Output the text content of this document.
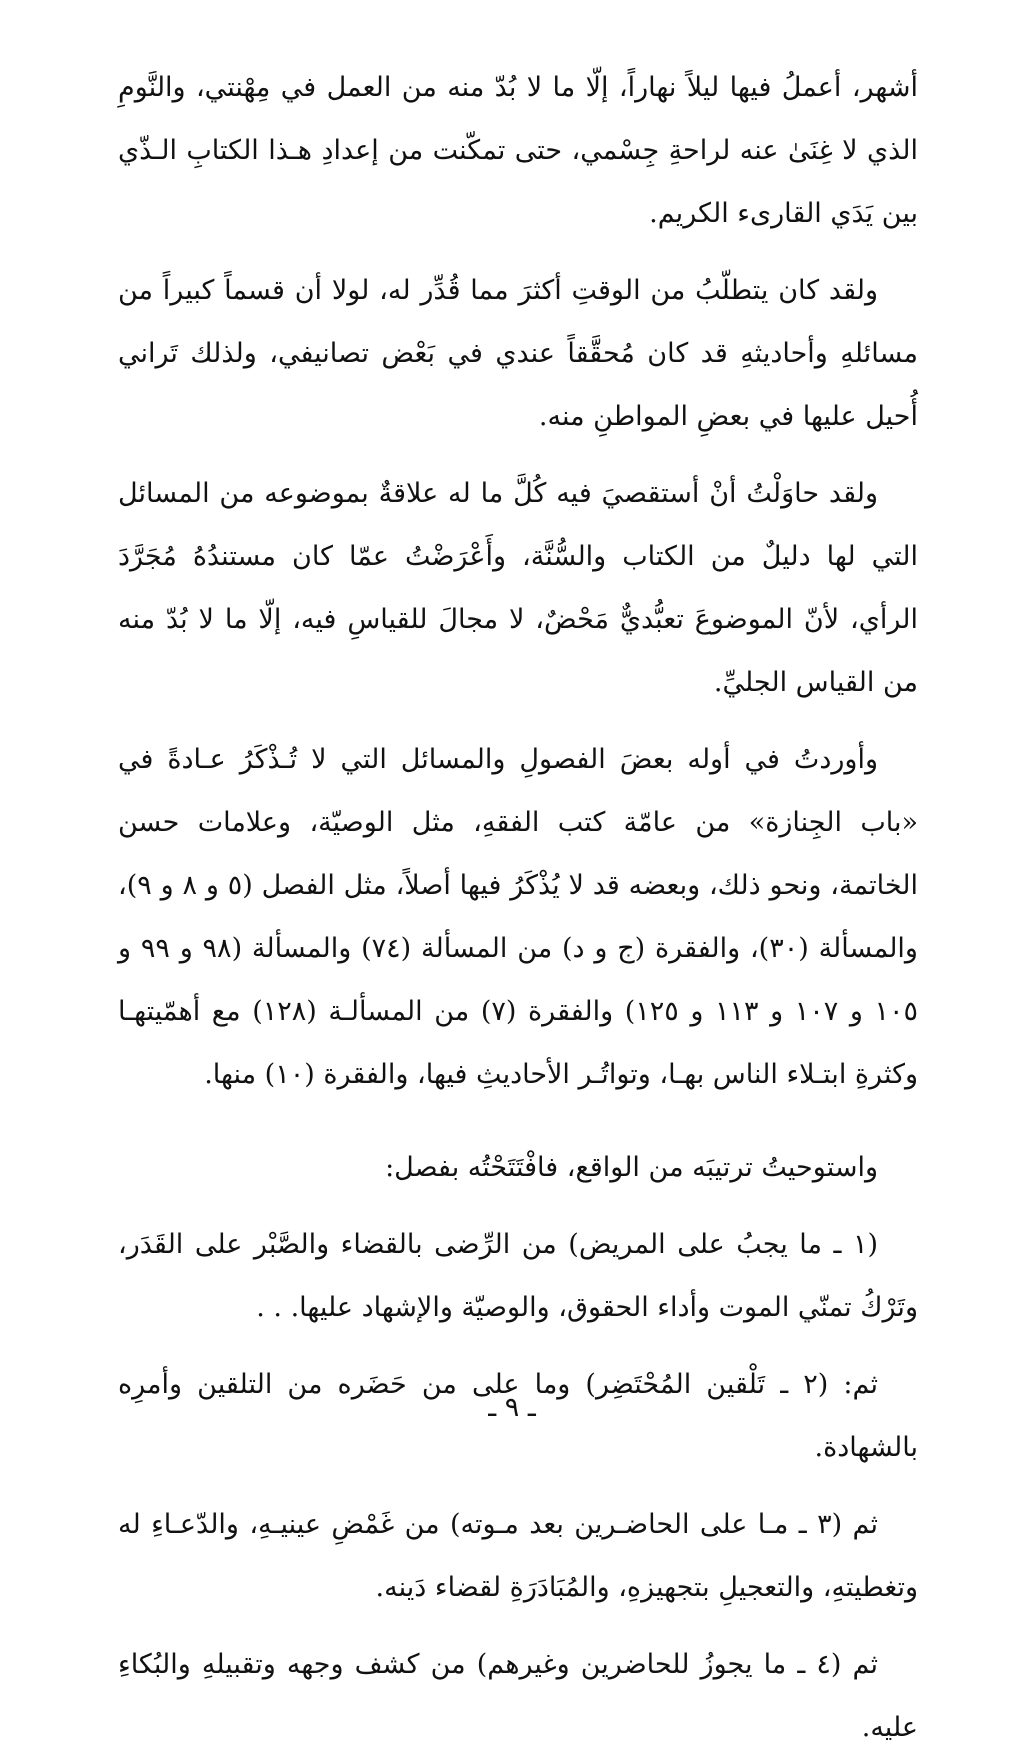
أشهر، أعملُ فيها ليلاً نهاراً، إلّا ما لا بُدّ منه من العمل في مِهْنتي، والنَّومِ الذي لا غِنَىٰ عنه لراحةِ جِسْمي، حتى تمكّنت من إعدادِ هـذا الكتابِ الـذّي بين يَدَي القارىء الكريم.

ولقد كان يتطلّبُ من الوقتِ أكثرَ مما قُدِّر له، لولا أن قسماً كبيراً من مسائلهِ وأحاديثهِ قد كان مُحقَّقاً عندي في بَعْض تصانيفي، ولذلك تَراني أُحيل عليها في بعضِ المواطنِ منه.

ولقد حاوَلْتُ أنْ أستقصيَ فيه كُلَّ ما له علاقةٌ بموضوعه من المسائل التي لها دليلٌ من الكتاب والسُّنَّة، وأَعْرَضْتُ عمّا كان مستندُهُ مُجَرَّدَ الرأي، لأنّ الموضوعَ تعبُّديٌّ مَحْضٌ، لا مجالَ للقياسِ فيه، إلّا ما لا بُدّ منه من القياس الجليِّ.

وأوردتُ في أوله بعضَ الفصولِ والمسائل التي لا تُـذْكَرُ عـادةً في «باب الجِنازة» من عامّة كتب الفقهِ، مثل الوصيّة، وعلامات حسن الخاتمة، ونحو ذلك، وبعضه قد لا يُذْكَرُ فيها أصلاً، مثل الفصل (٥ و ٨ و ٩)، والمسألة (٣٠)، والفقرة (ج و د) من المسألة (٧٤) والمسألة (٩٨ و ٩٩ و ١٠٥ و ١٠٧ و ١١٣ و ١٢٥) والفقرة (٧) من المسألـة (١٢٨) مع أهمّيتهـا وكثرةِ ابتـلاء الناس بهـا، وتواتُـر الأحاديثِ فيها، والفقرة (١٠) منها.

واستوحيتُ ترتيبَه من الواقع، فافْتَتَحْتُه بفصل:

(١ ـ ما يجبُ على المريض) من الرِّضى بالقضاء والصَّبْر على القَدَر، وتَرْكُ تمنّي الموت وأداء الحقوق، والوصيّة والإشهاد عليها. . .

ثم: (٢ ـ تَلْقين المُحْتَضِر) وما على من حَضَره من التلقين وأمرِه بالشهادة.

ثم (٣ ـ مـا على الحاضـرين بعد مـوته) من غَمْضِ عينيـهِ، والدّعـاءِ له وتغطيتهِ، والتعجيلِ بتجهيزهِ، والمُبَادَرَةِ لقضاء دَينه.

ثم (٤ ـ ما يجوزُ للحاضرين وغيرهم) من كشف وجهه وتقبيلهِ والبُكاءِ عليه.

ـ ٩ ـ
